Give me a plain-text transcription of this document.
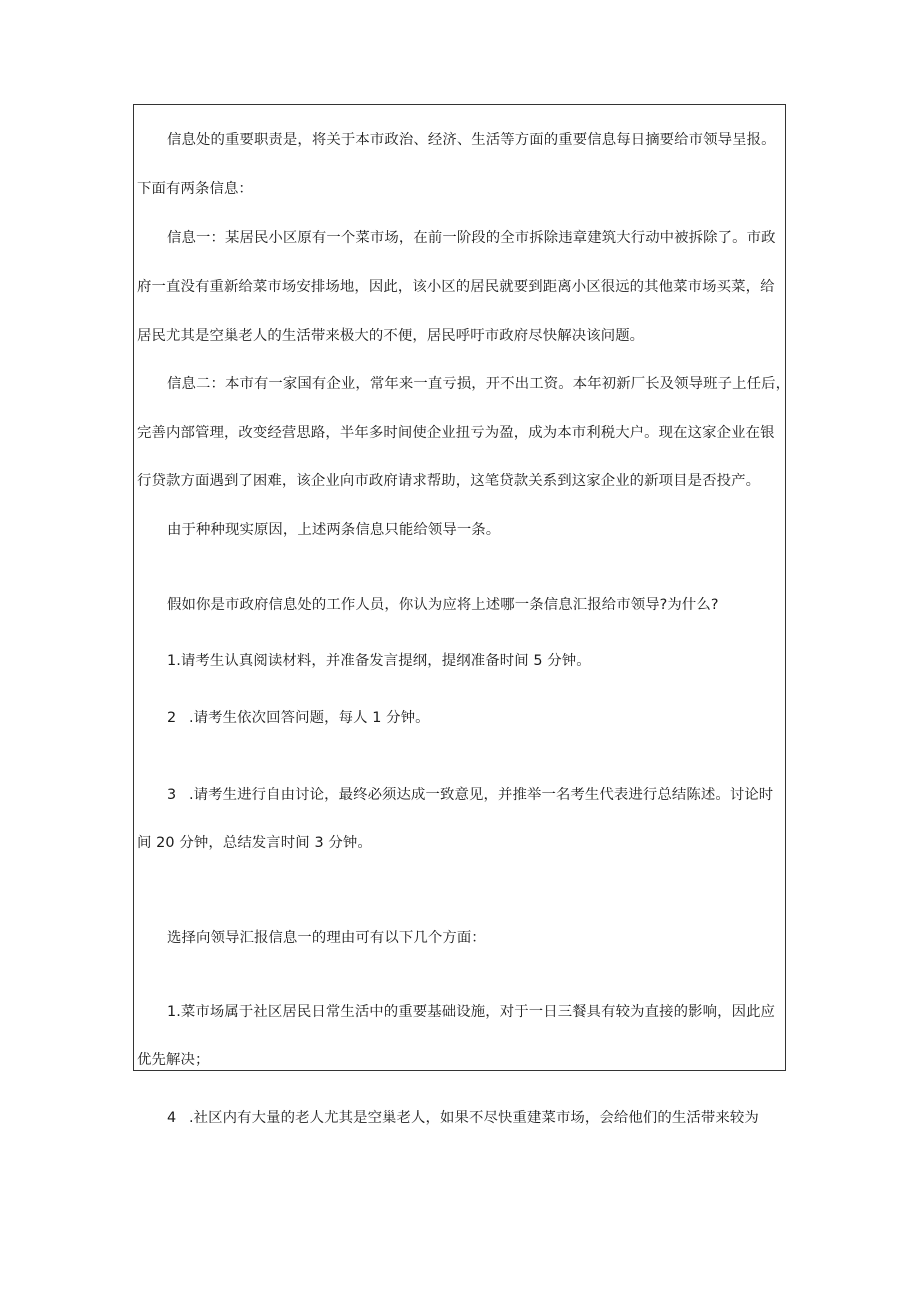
信息处的重要职责是，将关于本市政治、经济、生活等方面的重要信息每日摘要给市领导呈报。
下面有两条信息：
信息一：某居民小区原有一个菜市场，在前一阶段的全市拆除违章建筑大行动中被拆除了。市政
府一直没有重新给菜市场安排场地，因此，该小区的居民就要到距离小区很远的其他菜市场买菜，给
居民尤其是空巢老人的生活带来极大的不便，居民呼吁市政府尽快解决该问题。
信息二：本市有一家国有企业，常年来一直亏损，开不出工资。本年初新厂长及领导班子上任后，
完善内部管理，改变经营思路，半年多时间使企业扭亏为盈，成为本市利税大户。现在这家企业在银
行贷款方面遇到了困难，该企业向市政府请求帮助，这笔贷款关系到这家企业的新项目是否投产。
由于种种现实原因，上述两条信息只能给领导一条。
假如你是市政府信息处的工作人员，你认为应将上述哪一条信息汇报给市领导?为什么?
1.请考生认真阅读材料，并准备发言提纲，提纲准备时间 5 分钟。
2 .请考生依次回答问题，每人 1 分钟。
3 .请考生进行自由讨论，最终必须达成一致意见，并推举一名考生代表进行总结陈述。讨论时
间 20 分钟，总结发言时间 3 分钟。
选择向领导汇报信息一的理由可有以下几个方面：
1.菜市场属于社区居民日常生活中的重要基础设施，对于一日三餐具有较为直接的影响，因此应
优先解决；
4 .社区内有大量的老人尤其是空巢老人，如果不尽快重建菜市场，会给他们的生活带来较为
